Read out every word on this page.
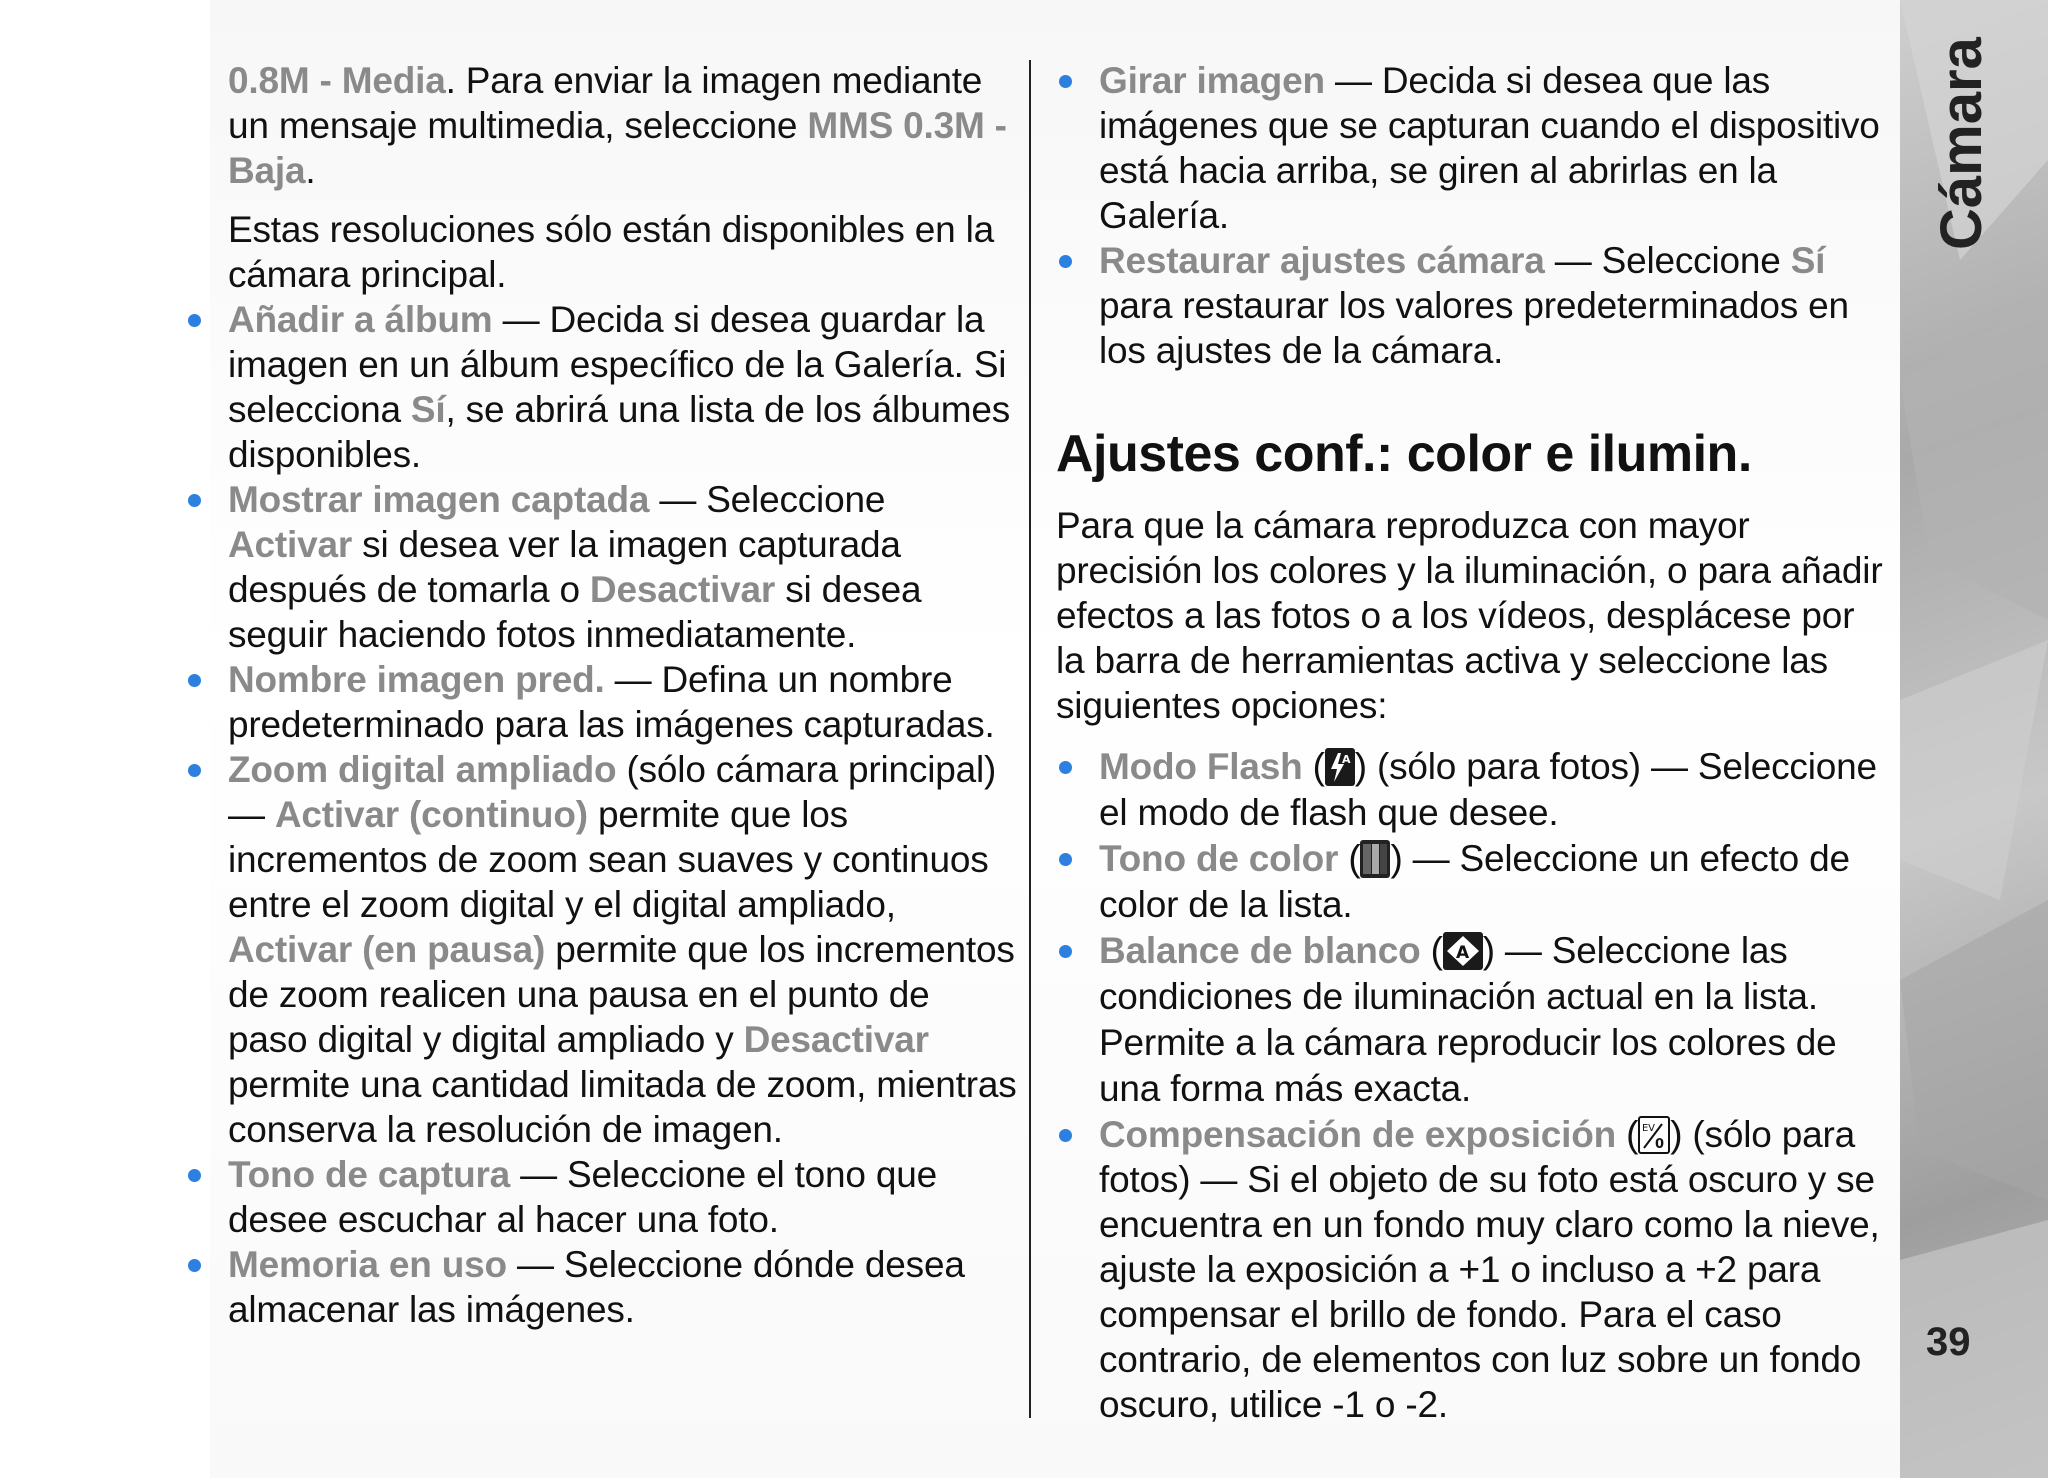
0.8M - Media. Para enviar la imagen mediante un mensaje multimedia, seleccione MMS 0.3M - Baja.

Estas resoluciones sólo están disponibles en la cámara principal.

Añadir a álbum — Decida si desea guardar la imagen en un álbum específico de la Galería. Si selecciona Sí, se abrirá una lista de los álbumes disponibles.
Mostrar imagen captada — Seleccione Activar si desea ver la imagen capturada después de tomarla o Desactivar si desea seguir haciendo fotos inmediatamente.
Nombre imagen pred. — Defina un nombre predeterminado para las imágenes capturadas.
Zoom digital ampliado (sólo cámara principal) — Activar (continuo) permite que los incrementos de zoom sean suaves y continuos entre el zoom digital y el digital ampliado, Activar (en pausa) permite que los incrementos de zoom realicen una pausa en el punto de paso digital y digital ampliado y Desactivar permite una cantidad limitada de zoom, mientras conserva la resolución de imagen.
Tono de captura — Seleccione el tono que desee escuchar al hacer una foto.
Memoria en uso — Seleccione dónde desea almacenar las imágenes.
Girar imagen — Decida si desea que las imágenes que se capturan cuando el dispositivo está hacia arriba, se giren al abrirlas en la Galería.
Restaurar ajustes cámara — Seleccione Sí para restaurar los valores predeterminados en los ajustes de la cámara.
Ajustes conf.: color e ilumin.

Para que la cámara reproduzca con mayor precisión los colores y la iluminación, o para añadir efectos a las fotos o a los vídeos, desplácese por la barra de herramientas activa y seleccione las siguientes opciones:

Modo Flash ( A ) (sólo para fotos) — Seleccione el modo de flash que desee.
Tono de color ( ) — Seleccione un efecto de color de la lista.
Balance de blanco ( A ) — Seleccione las condiciones de iluminación actual en la lista. Permite a la cámara reproducir los colores de una forma más exacta.
Compensación de exposición ( EV
0 ) (sólo para fotos) — Si el objeto de su foto está oscuro y se encuentra en un fondo muy claro como la nieve, ajuste la exposición a +1 o incluso a +2 para compensar el brillo de fondo. Para el caso contrario, de elementos con luz sobre un fondo oscuro, utilice -1 o -2.
Cámara
39
